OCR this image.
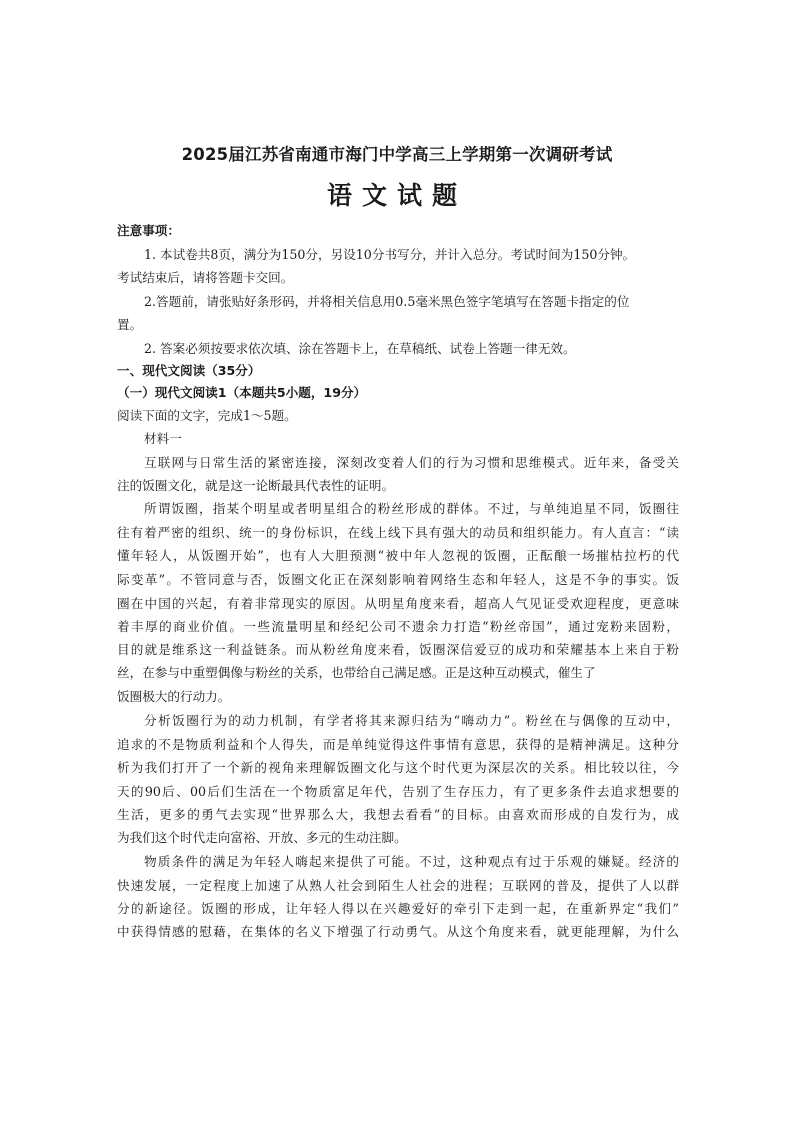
2025届江苏省南通市海门中学高三上学期第一次调研考试
语文试题
注意事项：
1. 本试卷共8页，满分为150分，另设10分书写分，并计入总分。考试时间为150分钟。
考试结束后，请将答题卡交回。
2.答题前，请张贴好条形码，并将相关信息用0.5毫米黑色签字笔填写在答题卡指定的位
置。
2. 答案必须按要求依次填、涂在答题卡上，在草稿纸、试卷上答题一律无效。
一、现代文阅读（35分）
（一）现代文阅读1（本题共5小题，19分）
阅读下面的文字，完成1～5题。
材料一
互联网与日常生活的紧密连接，深刻改变着人们的行为习惯和思维模式。近年来，备受关
注的饭圈文化，就是这一论断最具代表性的证明。
所谓饭圈，指某个明星或者明星组合的粉丝形成的群体。不过，与单纯追星不同，饭圈往
往有着严密的组织、统一的身份标识，在线上线下具有强大的动员和组织能力。有人直言：“读
懂年轻人，从饭圈开始”，也有人大胆预测“被中年人忽视的饭圈，正酝酿一场摧枯拉朽的代
际变革”。不管同意与否，饭圈文化正在深刻影响着网络生态和年轻人，这是不争的事实。饭
圈在中国的兴起，有着非常现实的原因。从明星角度来看，超高人气见证受欢迎程度，更意味
着丰厚的商业价值。一些流量明星和经纪公司不遗余力打造“粉丝帝国”，通过宠粉来固粉，
目的就是维系这一利益链条。而从粉丝角度来看，饭圈深信爱豆的成功和荣耀基本上来自于粉
丝，在参与中重塑偶像与粉丝的关系，也带给自己满足感。正是这种互动模式，催生了
饭圈极大的行动力。
分析饭圈行为的动力机制，有学者将其来源归结为“嗨动力”。粉丝在与偶像的互动中，
追求的不是物质利益和个人得失，而是单纯觉得这件事情有意思，获得的是精神满足。这种分
析为我们打开了一个新的视角来理解饭圈文化与这个时代更为深层次的关系。相比较以往，今
天的90后、00后们生活在一个物质富足年代，告别了生存压力，有了更多条件去追求想要的
生活，更多的勇气去实现“世界那么大，我想去看看”的目标。由喜欢而形成的自发行为，成
为我们这个时代走向富裕、开放、多元的生动注脚。
物质条件的满足为年轻人嗨起来提供了可能。不过，这种观点有过于乐观的嫌疑。经济的
快速发展，一定程度上加速了从熟人社会到陌生人社会的进程；互联网的普及，提供了人以群
分的新途径。饭圈的形成，让年轻人得以在兴趣爱好的牵引下走到一起，在重新界定“我们”
中获得情感的慰藉，在集体的名义下增强了行动勇气。从这个角度来看，就更能理解，为什么
